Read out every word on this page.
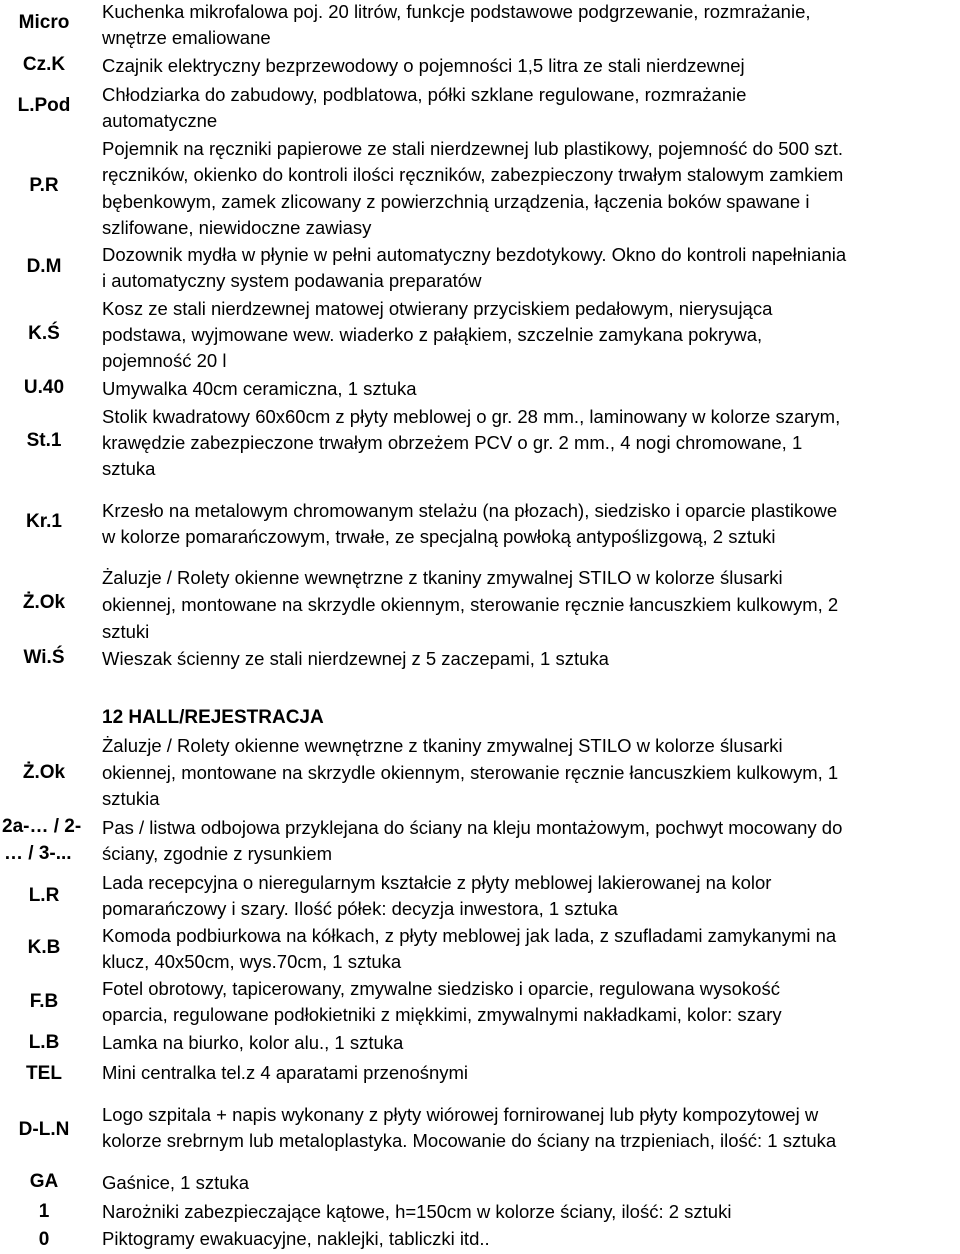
Micro
Cz.K
L.Pod
P.R
D.M
K.Ś
U.40
St.1
Kr.1
Ż.Ok
Wi.Ś
Ż.Ok
2a-… / 2-
… / 3-...
L.R
K.B
F.B
L.B
TEL
D-L.N
GA
1
0
12 HALL/REJESTRACJA
Kuchenka mikrofalowa poj. 20 litrów, funkcje podstawowe podgrzewanie, rozmrażanie,
wnętrze emaliowane
Czajnik elektryczny bezprzewodowy o pojemności 1,5 litra ze stali nierdzewnej
Chłodziarka do zabudowy, podblatowa, półki szklane regulowane, rozmrażanie
automatyczne
Pojemnik na ręczniki papierowe ze stali nierdzewnej lub plastikowy, pojemność do 500 szt.
ręczników, okienko do kontroli ilości ręczników, zabezpieczony trwałym stalowym zamkiem
bębenkowym, zamek zlicowany z powierzchnią urządzenia, łączenia boków spawane i
szlifowane, niewidoczne zawiasy
Dozownik mydła w płynie w pełni automatyczny bezdotykowy. Okno do kontroli napełniania
i automatyczny system podawania preparatów
Kosz ze stali nierdzewnej matowej otwierany przyciskiem pedałowym, nierysująca
podstawa, wyjmowane wew. wiaderko z pałąkiem, szczelnie zamykana pokrywa,
pojemność 20 l
Umywalka 40cm ceramiczna, 1 sztuka
Stolik kwadratowy 60x60cm z płyty meblowej o gr. 28 mm., laminowany w kolorze szarym,
krawędzie zabezpieczone trwałym obrzeżem PCV o gr. 2 mm., 4 nogi chromowane, 1
sztuka
Krzesło na metalowym chromowanym stelażu (na płozach), siedzisko i oparcie plastikowe
w kolorze pomarańczowym, trwałe, ze specjalną powłoką antypoślizgową, 2 sztuki
Żaluzje / Rolety okienne wewnętrzne z tkaniny zmywalnej STILO w kolorze ślusarki
okiennej, montowane na skrzydle okiennym, sterowanie ręcznie łancuszkiem kulkowym, 2
sztuki
Wieszak ścienny ze stali nierdzewnej z 5 zaczepami, 1 sztuka
Żaluzje / Rolety okienne wewnętrzne z tkaniny zmywalnej STILO w kolorze ślusarki
okiennej, montowane na skrzydle okiennym, sterowanie ręcznie łancuszkiem kulkowym, 1
sztukia
Pas / listwa odbojowa przyklejana do ściany na kleju montażowym, pochwyt mocowany do
ściany, zgodnie z rysunkiem
Lada recepcyjna o nieregularnym kształcie z płyty meblowej lakierowanej na kolor
pomarańczowy i szary. Ilość półek: decyzja inwestora, 1 sztuka
Komoda podbiurkowa na kółkach, z płyty meblowej jak lada, z szufladami zamykanymi na
klucz, 40x50cm, wys.70cm, 1 sztuka
Fotel obrotowy, tapicerowany, zmywalne siedzisko i oparcie, regulowana wysokość
oparcia, regulowane podłokietniki z miękkimi, zmywalnymi nakładkami, kolor: szary
Lamka na biurko, kolor alu., 1 sztuka
Mini centralka tel.z 4 aparatami przenośnymi
Logo szpitala + napis wykonany z płyty wiórowej fornirowanej lub płyty kompozytowej w
kolorze srebrnym lub metaloplastyka. Mocowanie do ściany na trzpieniach, ilość: 1 sztuka
Gaśnice, 1 sztuka
Narożniki zabezpieczające kątowe, h=150cm w kolorze ściany, ilość: 2 sztuki
Piktogramy ewakuacyjne, naklejki, tabliczki itd..
